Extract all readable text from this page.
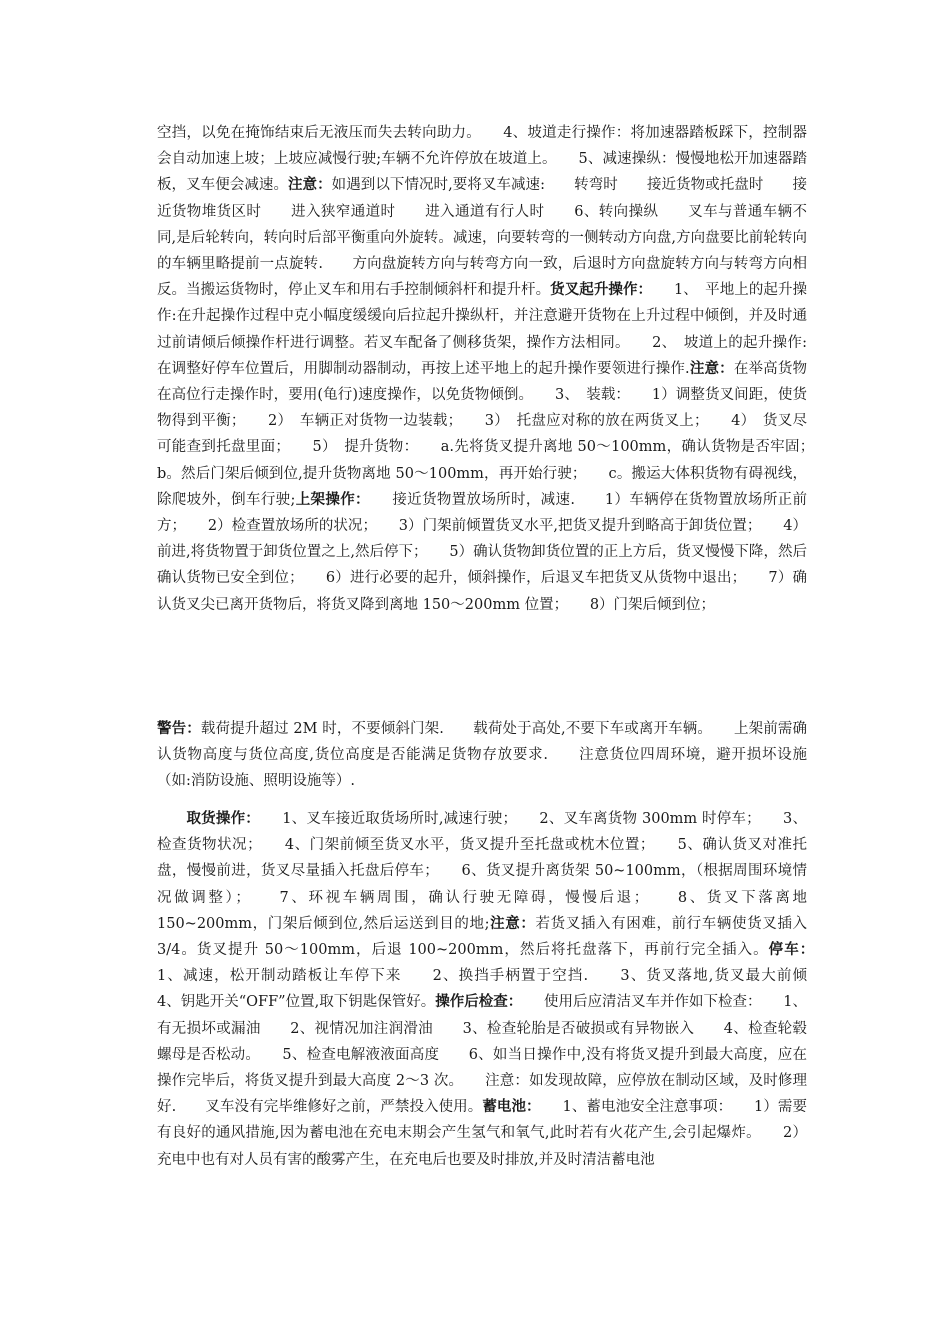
空挡，以免在掩饰结束后无液压而失去转向助力。　　4、坡道走行操作：将加速器踏板踩下，控制器会自动加速上坡；上坡应减慢行驶;车辆不允许停放在坡道上。　　5、减速操纵：慢慢地松开加速器踏板，叉车便会减速。注意：如遇到以下情况时,要将叉车减速:　　转弯时　　接近货物或托盘时　　接近货物堆货区时　　进入狭窄通道时　　进入通道有行人时　　6、转向操纵　　叉车与普通车辆不同,是后轮转向，转向时后部平衡重向外旋转。减速，向要转弯的一侧转动方向盘,方向盘要比前轮转向的车辆里略提前一点旋转.　　方向盘旋转方向与转弯方向一致，后退时方向盘旋转方向与转弯方向相反。当搬运货物时，停止叉车和用右手控制倾斜杆和提升杆。货叉起升操作：　　1、　平地上的起升操作:在升起操作过程中克小幅度缓缓向后拉起升操纵杆，并注意避开货物在上升过程中倾倒，并及时通过前请倾后倾操作杆进行调整。若叉车配备了侧移货架，操作方法相同。　　2、　坡道上的起升操作:在调整好停车位置后，用脚制动器制动，再按上述平地上的起升操作要领进行操作.注意：在举高货物在高位行走操作时，要用(龟行)速度操作，以免货物倾倒。　　3、　装载：　　1）调整货叉间距，使货物得到平衡；　　2）　车辆正对货物一边装载；　　3）　托盘应对称的放在两货叉上；　　4）　货叉尽可能查到托盘里面；　　5）　提升货物：　　a.先将货叉提升离地 50～100mm，确认货物是否牢固；　　b。然后门架后倾到位,提升货物离地 50～100mm，再开始行驶；　　c。搬运大体积货物有碍视线，除爬坡外，倒车行驶;上架操作：　　接近货物置放场所时，减速.　　1）车辆停在货物置放场所正前方；　　2）检查置放场所的状况；　　3）门架前倾置货叉水平,把货叉提升到略高于卸货位置；　　4）前进,将货物置于卸货位置之上,然后停下；　　5）确认货物卸货位置的正上方后，货叉慢慢下降，然后确认货物已安全到位；　　6）进行必要的起升，倾斜操作，后退叉车把货叉从货物中退出；　　7）确认货叉尖已离开货物后，将货叉降到离地 150～200mm 位置；　　8）门架后倾到位；

警告：载荷提升超过 2M 时，不要倾斜门架.　　载荷处于高处,不要下车或离开车辆。　　上架前需确认货物高度与货位高度,货位高度是否能满足货物存放要求.　　注意货位四周环境，避开损坏设施（如:消防设施、照明设施等）.

　　取货操作：　　1、叉车接近取货场所时,减速行驶；　　2、叉车离货物 300mm 时停车；　　3、检查货物状况；　　4、门架前倾至货叉水平，货叉提升至托盘或枕木位置；　　5、确认货叉对准托盘，慢慢前进，货叉尽量插入托盘后停车；　　6、货叉提升离货架 50~100mm，（根据周围环境情况做调整）；　　7、环视车辆周围，确认行驶无障碍，慢慢后退；　　8、货叉下落离地 150~200mm，门架后倾到位,然后运送到目的地;注意：若货叉插入有困难，前行车辆使货叉插入 3/4。货叉提升 50～100mm，后退 100~200mm，然后将托盘落下，再前行完全插入。停车：　　1、减速，松开制动踏板让车停下来　　2、换挡手柄置于空挡.　　3、货叉落地,货叉最大前倾　　4、钥匙开关“OFF”位置,取下钥匙保管好。操作后检查：　　使用后应清洁叉车并作如下检查：　　1、有无损坏或漏油　　2、视情况加注润滑油　　3、检查轮胎是否破损或有异物嵌入　　4、检查轮毂螺母是否松动。　　5、检查电解液液面高度　　6、如当日操作中,没有将货叉提升到最大高度，应在操作完毕后，将货叉提升到最大高度 2～3 次。　　注意：如发现故障，应停放在制动区域，及时修理好.　　叉车没有完毕维修好之前，严禁投入使用。蓄电池：　　1、蓄电池安全注意事项：　　1）需要有良好的通风措施,因为蓄电池在充电末期会产生氢气和氧气,此时若有火花产生,会引起爆炸。　　2）充电中也有对人员有害的酸雾产生，在充电后也要及时排放,并及时清洁蓄电池
